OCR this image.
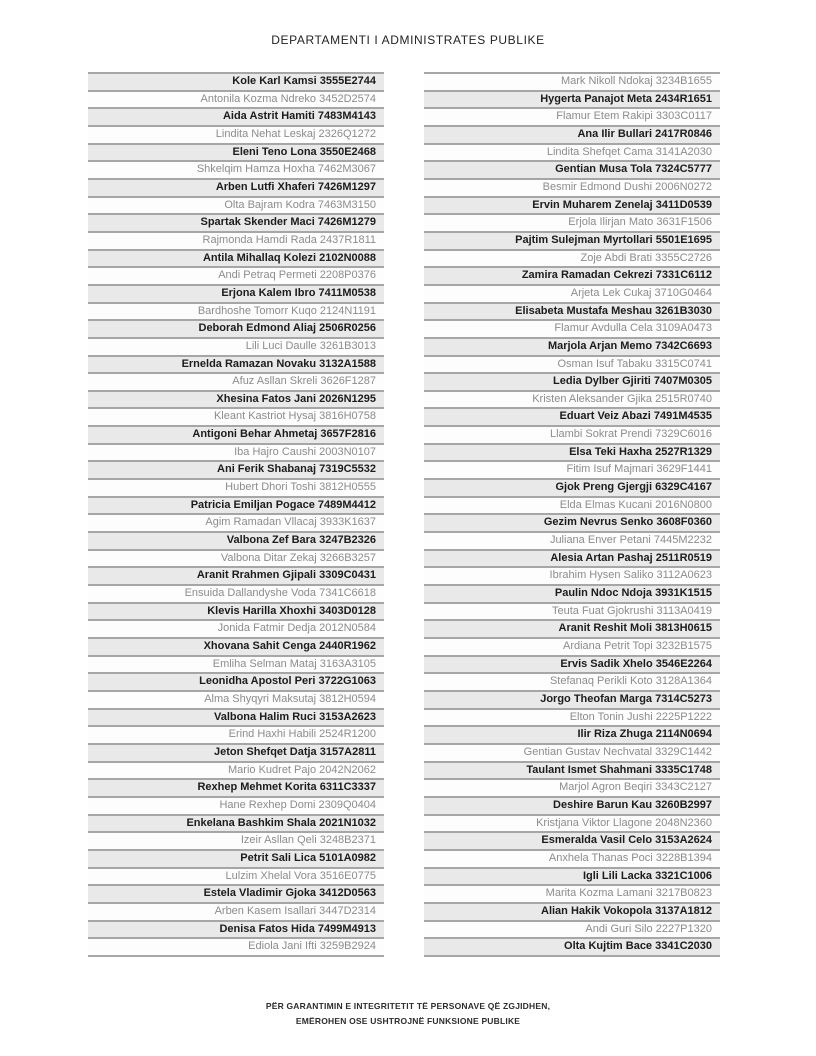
DEPARTAMENTI I ADMINISTRATES PUBLIKE
Kole Karl Kamsi 3555E2744
Antonila Kozma Ndreko 3452D2574
Aida Astrit Hamiti 7483M4143
Lindita Nehat Leskaj 2326Q1272
Eleni Teno Lona 3550E2468
Shkelqim Hamza Hoxha 7462M3067
Arben Lutfi Xhaferi 7426M1297
Olta Bajram Kodra 7463M3150
Spartak Skender Maci 7426M1279
Rajmonda Hamdi Rada 2437R1811
Antila Mihallaq Kolezi 2102N0088
Andi Petraq Permeti 2208P0376
Erjona Kalem Ibro 7411M0538
Bardhoshe Tomorr Kuqo 2124N1191
Deborah Edmond Aliaj 2506R0256
Lili Luci Daulle 3261B3013
Ernelda Ramazan Novaku 3132A1588
Afuz Asllan Skreli 3626F1287
Xhesina Fatos Jani 2026N1295
Kleant Kastriot Hysaj 3816H0758
Antigoni Behar Ahmetaj 3657F2816
Iba Hajro Caushi 2003N0107
Ani Ferik Shabanaj 7319C5532
Hubert Dhori Toshi 3812H0555
Patricia Emiljan Pogace 7489M4412
Agim Ramadan Vllacaj 3933K1637
Valbona Zef Bara 3247B2326
Valbona Ditar Zekaj 3266B3257
Aranit Rrahmen Gjipali 3309C0431
Ensuida Dallandyshe Voda 7341C6618
Klevis Harilla Xhoxhi 3403D0128
Jonida Fatmir Dedja 2012N0584
Xhovana Sahit Cenga 2440R1962
Emliha Selman Mataj 3163A3105
Leonidha Apostol Peri 3722G1063
Alma Shyqyri Maksutaj 3812H0594
Valbona Halim Ruci 3153A2623
Erind Haxhi Habili 2524R1200
Jeton Shefqet Datja 3157A2811
Mario Kudret Pajo 2042N2062
Rexhep Mehmet Korita 6311C3337
Hane Rexhep Domi 2309Q0404
Enkelana Bashkim Shala 2021N1032
Izeir Asllan Qeli 3248B2371
Petrit Sali Lica 5101A0982
Lulzim Xhelal Vora 3516E0775
Estela Vladimir Gjoka 3412D0563
Arben Kasem Isallari 3447D2314
Denisa Fatos Hida 7499M4913
Ediola Jani Ifti 3259B2924
Mark Nikoll Ndokaj 3234B1655
Hygerta Panajot Meta 2434R1651
Flamur Etem Rakipi 3303C0117
Ana Ilir Bullari 2417R0846
Lindita Shefqet Cama 3141A2030
Gentian Musa Tola 7324C5777
Besmir Edmond Dushi 2006N0272
Ervin Muharem Zenelaj 3411D0539
Erjola Ilirjan Mato 3631F1506
Pajtim Sulejman Myrtollari 5501E1695
Zoje Abdi Brati 3355C2726
Zamira Ramadan Cekrezi 7331C6112
Arjeta Lek Cukaj 3710G0464
Elisabeta Mustafa Meshau 3261B3030
Flamur Avdulla Cela 3109A0473
Marjola Arjan Memo 7342C6693
Osman Isuf Tabaku 3315C0741
Ledia Dylber Gjiriti 7407M0305
Kristen Aleksander Gjika 2515R0740
Eduart Veiz Abazi 7491M4535
Llambi Sokrat Prendi 7329C6016
Elsa Teki Haxha 2527R1329
Fitim Isuf Majmari 3629F1441
Gjok Preng Gjergji 6329C4167
Elda Elmas Kucani 2016N0800
Gezim Nevrus Senko 3608F0360
Juliana Enver Petani 7445M2232
Alesia Artan Pashaj 2511R0519
Ibrahim Hysen Saliko 3112A0623
Paulin Ndoc Ndoja 3931K1515
Teuta Fuat Gjokrushi 3113A0419
Aranit Reshit Moli 3813H0615
Ardiana Petrit Topi 3232B1575
Ervis Sadik Xhelo 3546E2264
Stefanaq Perikli Koto 3128A1364
Jorgo Theofan Marga 7314C5273
Elton Tonin Jushi 2225P1222
Ilir Riza Zhuga 2114N0694
Gentian Gustav Nechvatal 3329C1442
Taulant Ismet Shahmani 3335C1748
Marjol Agron Beqiri 3343C2127
Deshire Barun Kau 3260B2997
Kristjana Viktor Llagone 2048N2360
Esmeralda Vasil Celo 3153A2624
Anxhela Thanas Poci 3228B1394
Igli Lili Lacka 3321C1006
Marita Kozma Lamani 3217B0823
Alian Hakik Vokopola 3137A1812
Andi Guri Silo 2227P1320
Olta Kujtim Bace 3341C2030
PËR GARANTIMIN E INTEGRITETIT TË PERSONAVE QË ZGJIDHEN,
EMËROHEN OSE USHTROJNË FUNKSIONE PUBLIKE
